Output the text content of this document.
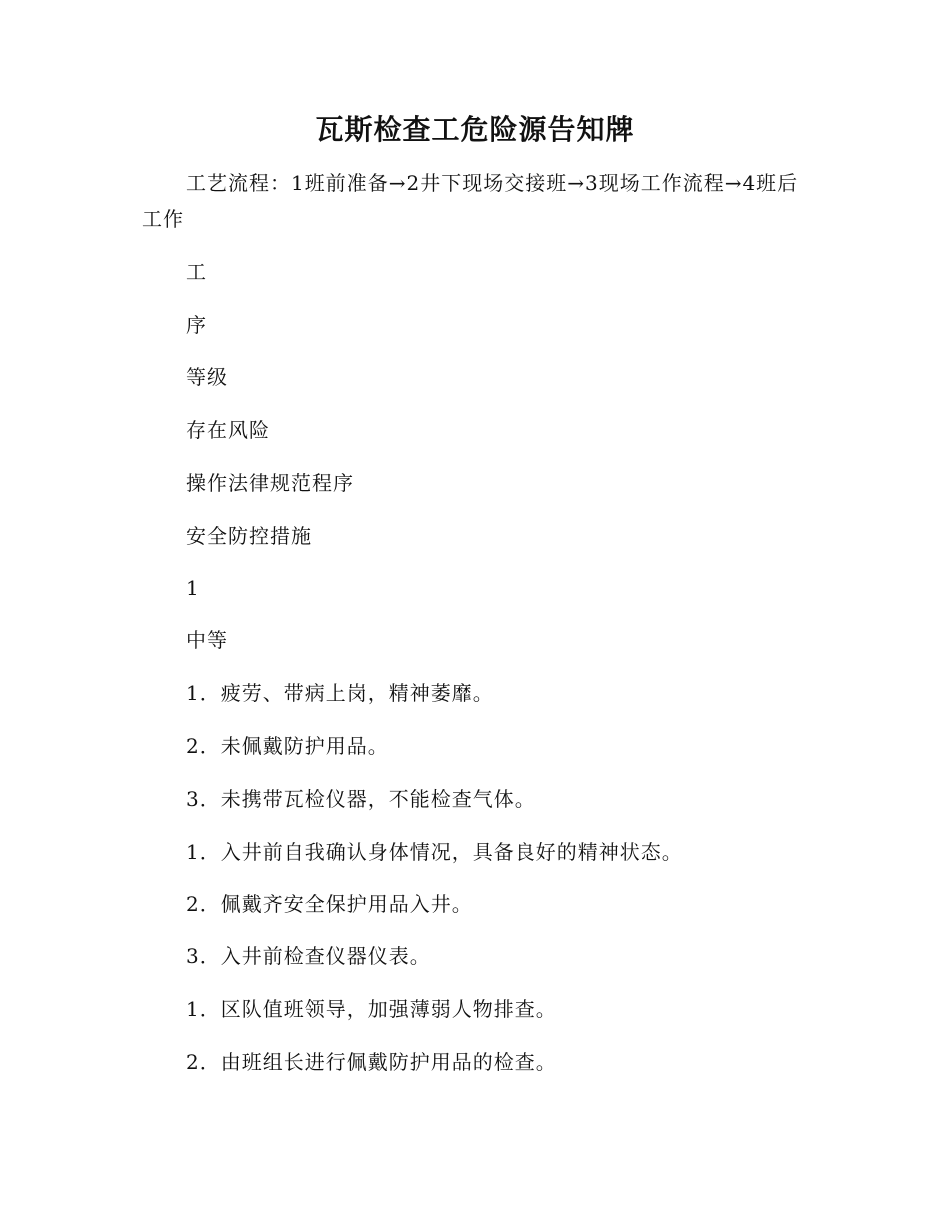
瓦斯检查工危险源告知牌

工艺流程：1班前准备→2井下现场交接班→3现场工作流程→4班后工作

工

序

等级

存在风险

操作法律规范程序

安全防控措施

1

中等

1．疲劳、带病上岗，精神萎靡。

2．未佩戴防护用品。

3．未携带瓦检仪器，不能检查气体。

1．入井前自我确认身体情况，具备良好的精神状态。

2．佩戴齐安全保护用品入井。

3．入井前检查仪器仪表。

1．区队值班领导，加强薄弱人物排查。

2．由班组长进行佩戴防护用品的检查。
